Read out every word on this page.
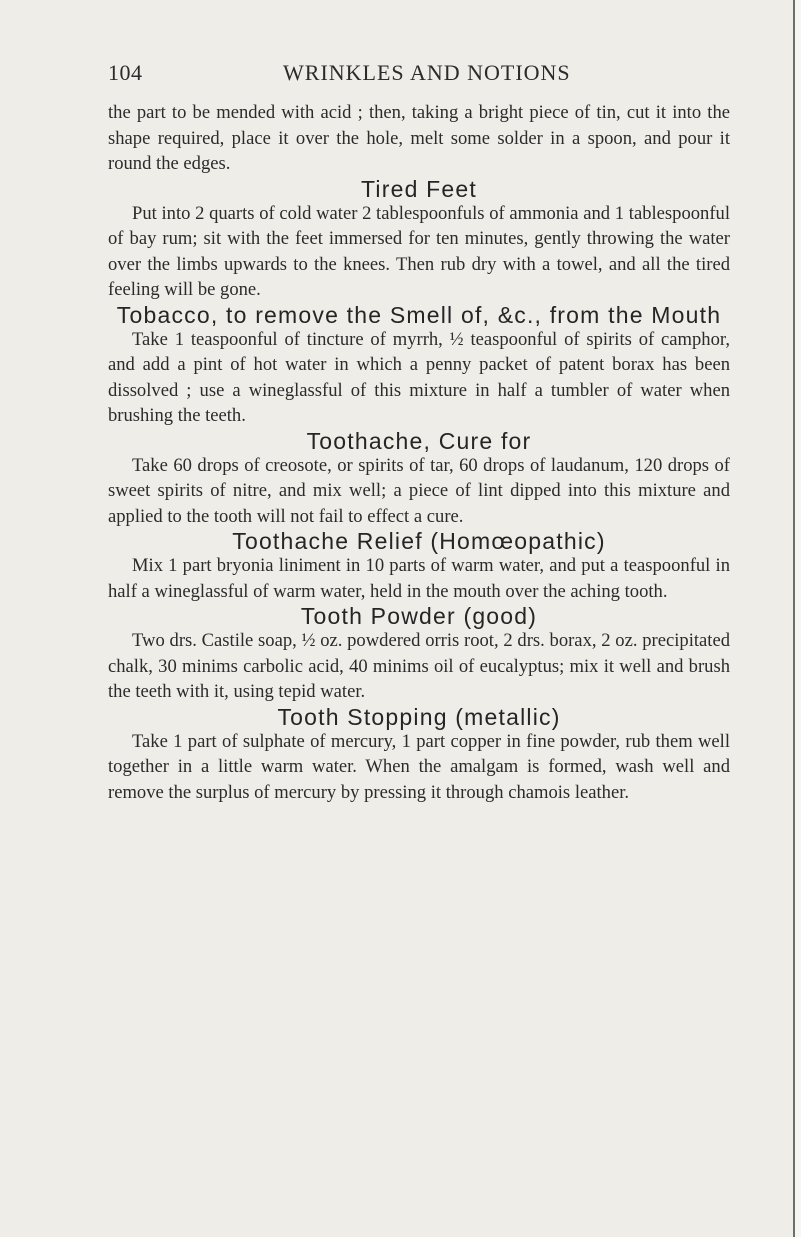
104	WRINKLES AND NOTIONS

the part to be mended with acid ; then, taking a bright piece of tin, cut it into the shape required, place it over the hole, melt some solder in a spoon, and pour it round the edges.

Tired Feet

Put into 2 quarts of cold water 2 tablespoonfuls of ammonia and 1 tablespoonful of bay rum; sit with the feet immersed for ten minutes, gently throwing the water over the limbs upwards to the knees. Then rub dry with a towel, and all the tired feeling will be gone.

Tobacco, to remove the Smell of, &c., from the Mouth

Take 1 teaspoonful of tincture of myrrh, ½ teaspoonful of spirits of camphor, and add a pint of hot water in which a penny packet of patent borax has been dissolved ; use a wineglassful of this mixture in half a tumbler of water when brushing the teeth.

Toothache, Cure for

Take 60 drops of creosote, or spirits of tar, 60 drops of laudanum, 120 drops of sweet spirits of nitre, and mix well; a piece of lint dipped into this mixture and applied to the tooth will not fail to effect a cure.

Toothache Relief (Homœopathic)

Mix 1 part bryonia liniment in 10 parts of warm water, and put a teaspoonful in half a wineglassful of warm water, held in the mouth over the aching tooth.

Tooth Powder (good)

Two drs. Castile soap, ½ oz. powdered orris root, 2 drs. borax, 2 oz. precipitated chalk, 30 minims carbolic acid, 40 minims oil of eucalyptus; mix it well and brush the teeth with it, using tepid water.

Tooth Stopping (metallic)

Take 1 part of sulphate of mercury, 1 part copper in fine powder, rub them well together in a little warm water. When the amalgam is formed, wash well and remove the surplus of mercury by pressing it through chamois leather.
